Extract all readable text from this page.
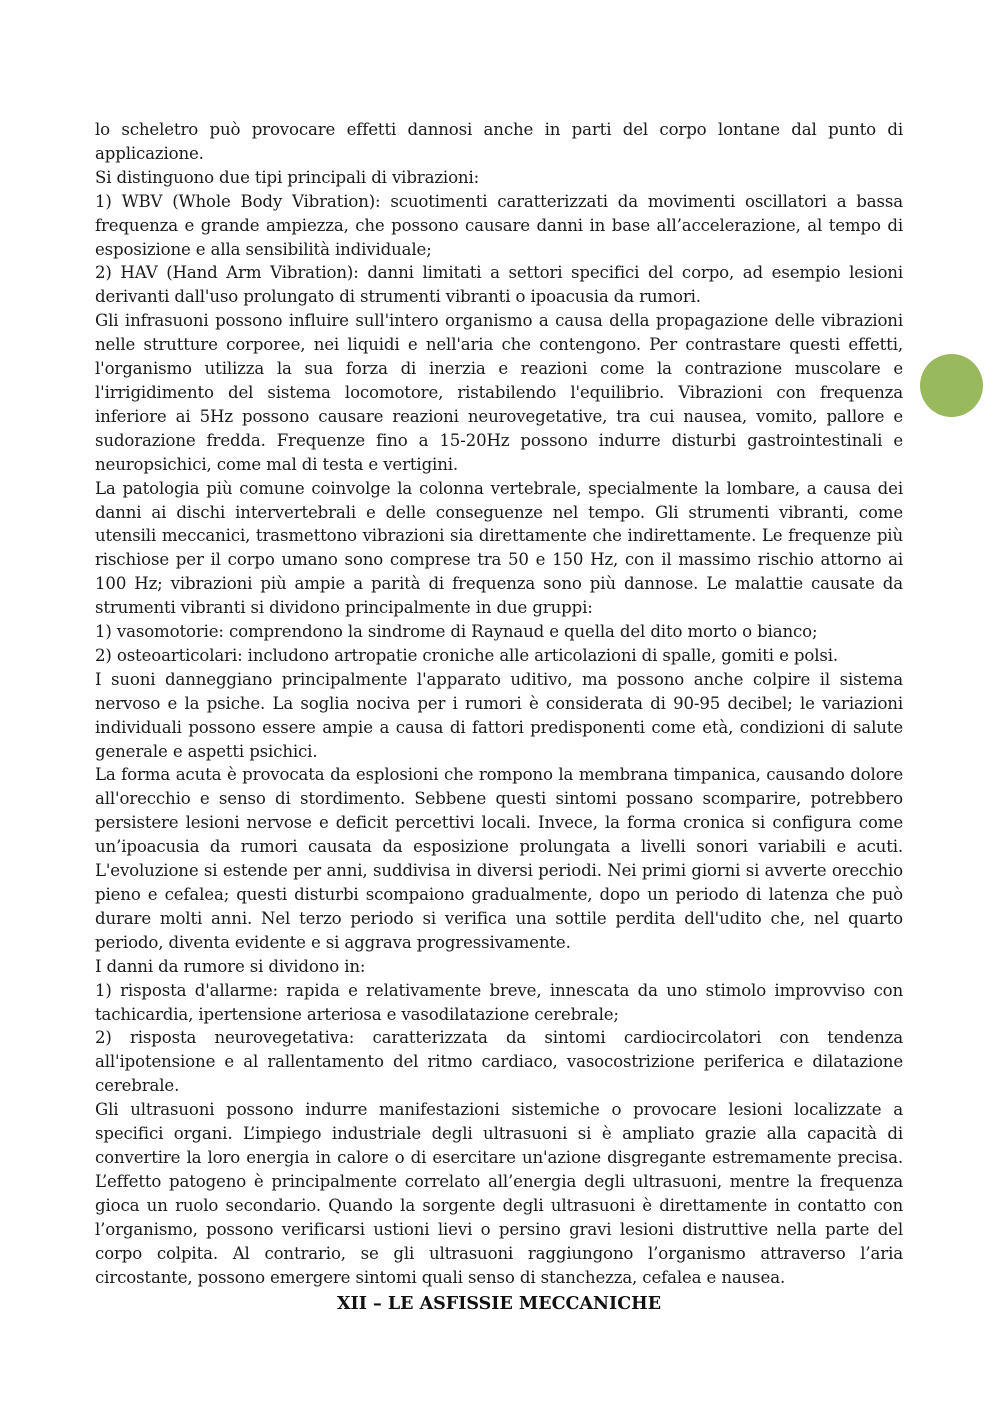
lo scheletro può provocare effetti dannosi anche in parti del corpo lontane dal punto di applicazione.

Si distinguono due tipi principali di vibrazioni:

1) WBV (Whole Body Vibration): scuotimenti caratterizzati da movimenti oscillatori a bassa frequenza e grande ampiezza, che possono causare danni in base all’accelerazione, al tempo di esposizione e alla sensibilità individuale;

2) HAV (Hand Arm Vibration): danni limitati a settori specifici del corpo, ad esempio lesioni derivanti dall'uso prolungato di strumenti vibranti o ipoacusia da rumori.

Gli infrasuoni possono influire sull'intero organismo a causa della propagazione delle vibrazioni nelle strutture corporee, nei liquidi e nell'aria che contengono. Per contrastare questi effetti, l'organismo utilizza la sua forza di inerzia e reazioni come la contrazione muscolare e l'irrigidimento del sistema locomotore, ristabilendo l'equilibrio. Vibrazioni con frequenza inferiore ai 5Hz possono causare reazioni neurovegetative, tra cui nausea, vomito, pallore e sudorazione fredda. Frequenze fino a 15-20Hz possono indurre disturbi gastrointestinali e neuropsichici, come mal di testa e vertigini.

La patologia più comune coinvolge la colonna vertebrale, specialmente la lombare, a causa dei danni ai dischi intervertebrali e delle conseguenze nel tempo. Gli strumenti vibranti, come utensili meccanici, trasmettono vibrazioni sia direttamente che indirettamente. Le frequenze più rischiose per il corpo umano sono comprese tra 50 e 150 Hz, con il massimo rischio attorno ai 100 Hz; vibrazioni più ampie a parità di frequenza sono più dannose. Le malattie causate da strumenti vibranti si dividono principalmente in due gruppi:

1) vasomotorie: comprendono la sindrome di Raynaud e quella del dito morto o bianco;

2) osteoarticolari: includono artropatie croniche alle articolazioni di spalle, gomiti e polsi.

I suoni danneggiano principalmente l'apparato uditivo, ma possono anche colpire il sistema nervoso e la psiche. La soglia nociva per i rumori è considerata di 90-95 decibel; le variazioni individuali possono essere ampie a causa di fattori predisponenti come età, condizioni di salute generale e aspetti psichici.

La forma acuta è provocata da esplosioni che rompono la membrana timpanica, causando dolore all'orecchio e senso di stordimento. Sebbene questi sintomi possano scomparire, potrebbero persistere lesioni nervose e deficit percettivi locali. Invece, la forma cronica si configura come un’ipoacusia da rumori causata da esposizione prolungata a livelli sonori variabili e acuti. L'evoluzione si estende per anni, suddivisa in diversi periodi. Nei primi giorni si avverte orecchio pieno e cefalea; questi disturbi scompaiono gradualmente, dopo un periodo di latenza che può durare molti anni. Nel terzo periodo si verifica una sottile perdita dell'udito che, nel quarto periodo, diventa evidente e si aggrava progressivamente.

I danni da rumore si dividono in:

1) risposta d'allarme: rapida e relativamente breve, innescata da uno stimolo improvviso con tachicardia, ipertensione arteriosa e vasodilatazione cerebrale;

2) risposta neurovegetativa: caratterizzata da sintomi cardiocircolatori con tendenza all'ipotensione e al rallentamento del ritmo cardiaco, vasocostrizione periferica e dilatazione cerebrale.

Gli ultrasuoni possono indurre manifestazioni sistemiche o provocare lesioni localizzate a specifici organi. L’impiego industriale degli ultrasuoni si è ampliato grazie alla capacità di convertire la loro energia in calore o di esercitare un'azione disgregante estremamente precisa. L’effetto patogeno è principalmente correlato all’energia degli ultrasuoni, mentre la frequenza gioca un ruolo secondario. Quando la sorgente degli ultrasuoni è direttamente in contatto con l’organismo, possono verificarsi ustioni lievi o persino gravi lesioni distruttive nella parte del corpo colpita. Al contrario, se gli ultrasuoni raggiungono l’organismo attraverso l’aria circostante, possono emergere sintomi quali senso di stanchezza, cefalea e nausea.

XII – LE ASFISSIE MECCANICHE
